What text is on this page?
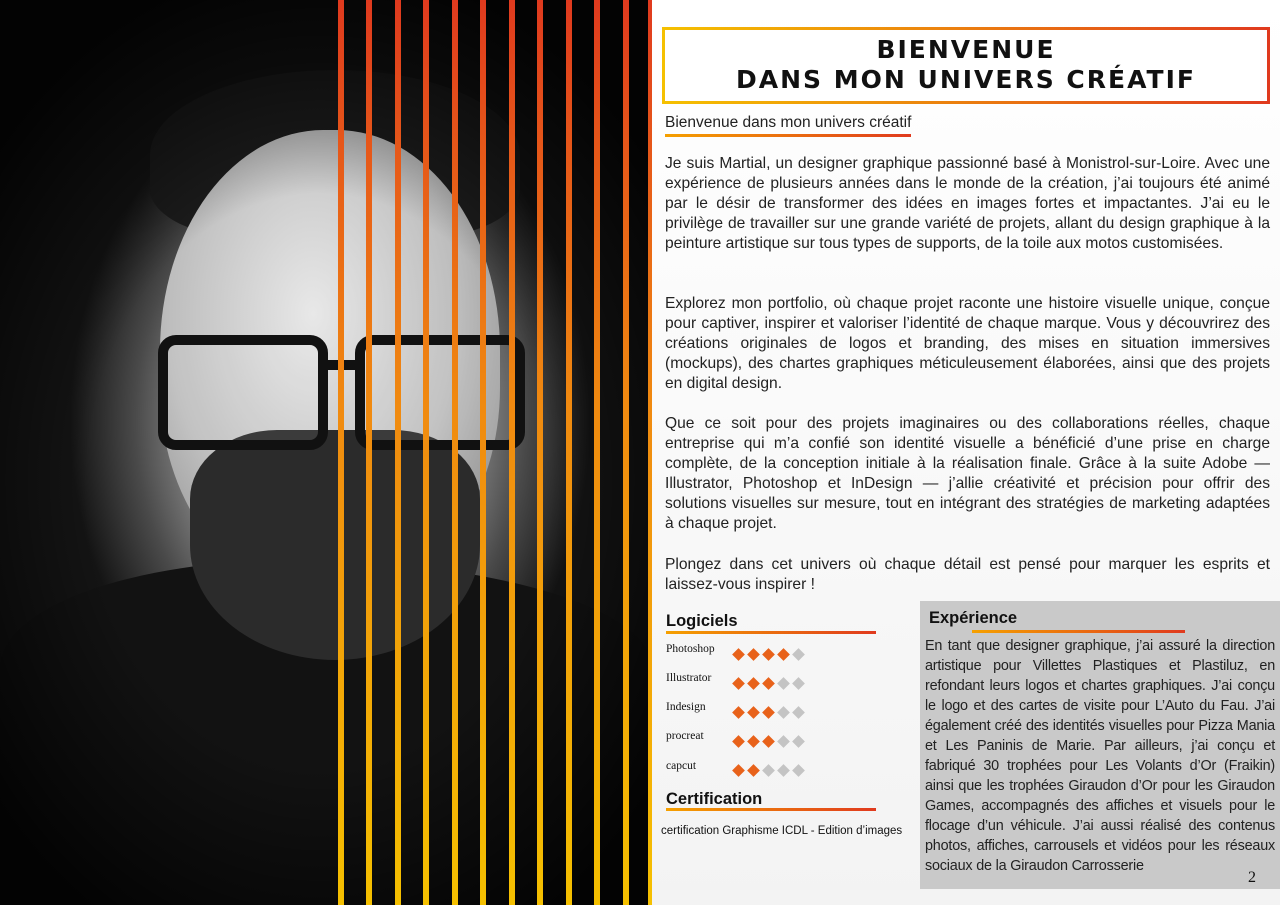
BIENVENUE
DANS MON UNIVERS CRÉATIF
Bienvenue dans mon univers créatif

Je suis Martial, un designer graphique passionné basé à Monistrol-sur-Loire. Avec une expérience de plusieurs années dans le monde de la création, j’ai toujours été animé par le désir de transformer des idées en images fortes et impactantes. J’ai eu le privilège de travailler sur une grande variété de projets, allant du design graphique à la peinture artistique sur tous types de supports, de la toile aux motos customisées.

Explorez mon portfolio, où chaque projet raconte une histoire visuelle unique, conçue pour captiver, inspirer et valoriser l’identité de chaque marque. Vous y découvrirez des créations originales de logos et branding, des mises en situation immersives (mockups), des chartes graphiques méticuleusement élaborées, ainsi que des projets en digital design.

Que ce soit pour des projets imaginaires ou des collaborations réelles, chaque entreprise qui m’a confié son identité visuelle a bénéficié d’une prise en charge complète, de la conception initiale à la réalisation finale. Grâce à la suite Adobe — Illustrator, Photoshop et InDesign — j’allie créativité et précision pour offrir des solutions visuelles sur mesure, tout en intégrant des stratégies de marketing adaptées à chaque projet.

Plongez dans cet univers où chaque détail est pensé pour marquer les esprits et laissez-vous inspirer !

Logiciels
Photoshop
Illustrator
Indesign
procreat
capcut
Certification
certification Graphisme ICDL - Edition d’images
Expérience

En tant que designer graphique, j’ai assuré la direction artistique pour Villettes Plastiques et Plastiluz, en refondant leurs logos et chartes graphiques. J’ai conçu le logo et des cartes de visite pour L’Auto du Fau. J’ai également créé des identités visuelles pour Pizza Mania et Les Paninis de Marie. Par ailleurs, j’ai conçu et fabriqué 30 trophées pour Les Volants d’Or (Fraikin) ainsi que les trophées Giraudon d’Or pour les Giraudon Games, accompagnés des affiches et visuels pour le flocage d’un véhicule. J’ai aussi réalisé des contenus photos, affiches, carrousels et vidéos pour les réseaux sociaux de la Giraudon Carrosserie

2
